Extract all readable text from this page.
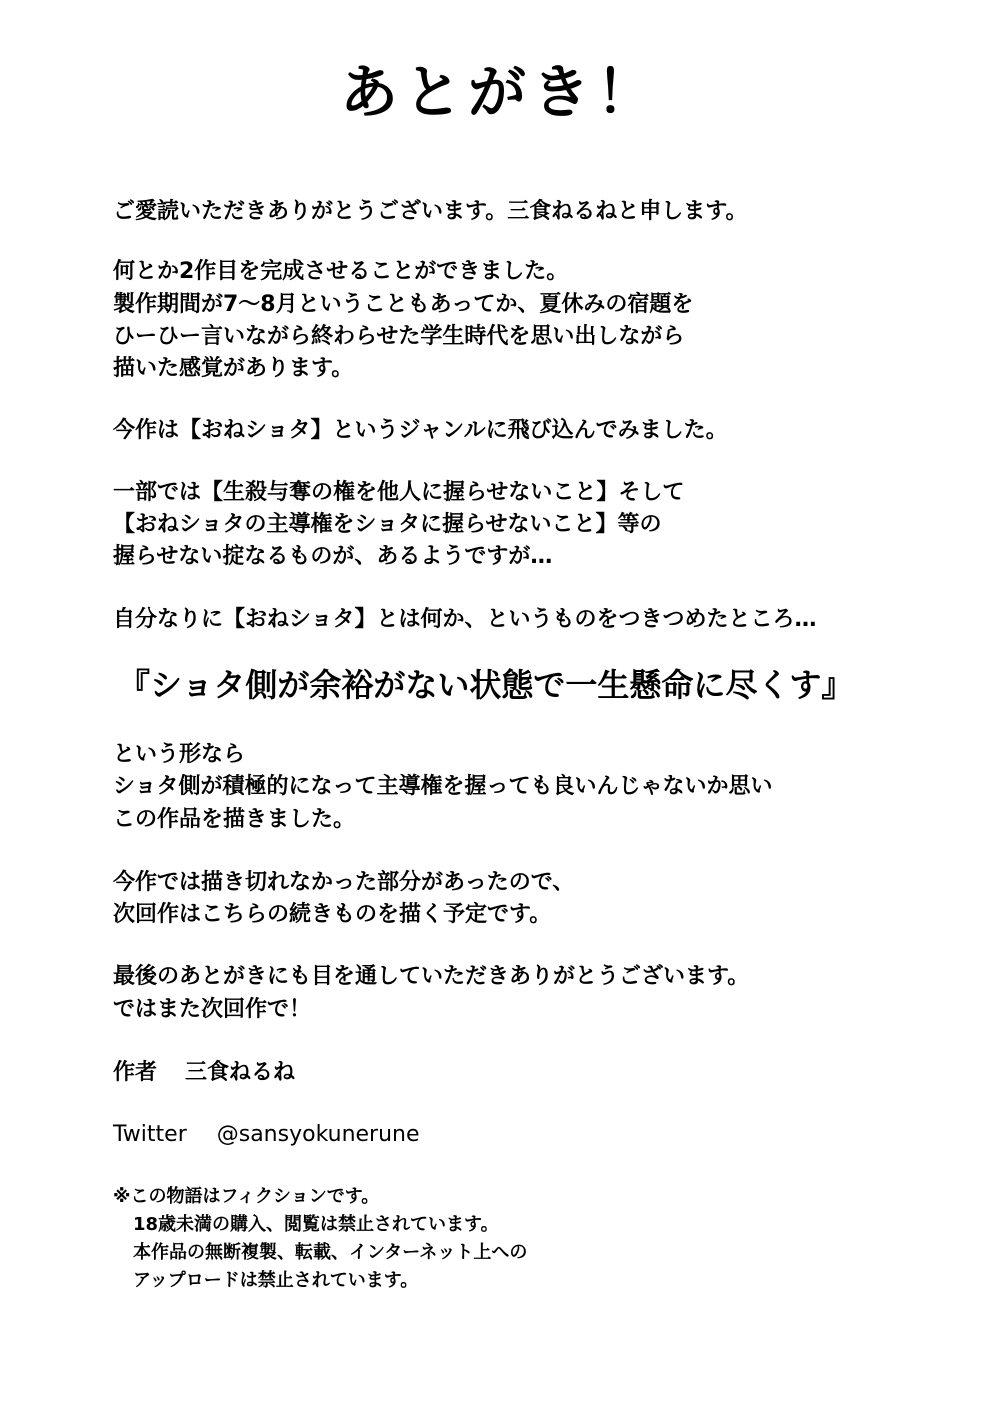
あとがき！

ご愛読いただきありがとうございます。三食ねるねと申します。

何とか2作目を完成させることができました。

製作期間が7～8月ということもあってか、夏休みの宿題を

ひーひー言いながら終わらせた学生時代を思い出しながら

描いた感覚があります。

今作は【おねショタ】というジャンルに飛び込んでみました。

一部では【生殺与奪の権を他人に握らせないこと】そして

【おねショタの主導権をショタに握らせないこと】等の

握らせない掟なるものが、あるようですが…

自分なりに【おねショタ】とは何か、というものをつきつめたところ…

『ショタ側が余裕がない状態で一生懸命に尽くす』

という形なら

ショタ側が積極的になって主導権を握っても良いんじゃないか思い

この作品を描きました。

今作では描き切れなかった部分があったので、

次回作はこちらの続きものを描く予定です。

最後のあとがきにも目を通していただきありがとうございます。

ではまた次回作で！

作者 三食ねるね

Twitter @sansyokunerune

※この物語はフィクションです。

18歳未満の購入、閲覧は禁止されています。

本作品の無断複製、転載、インターネット上への

アップロードは禁止されています。
